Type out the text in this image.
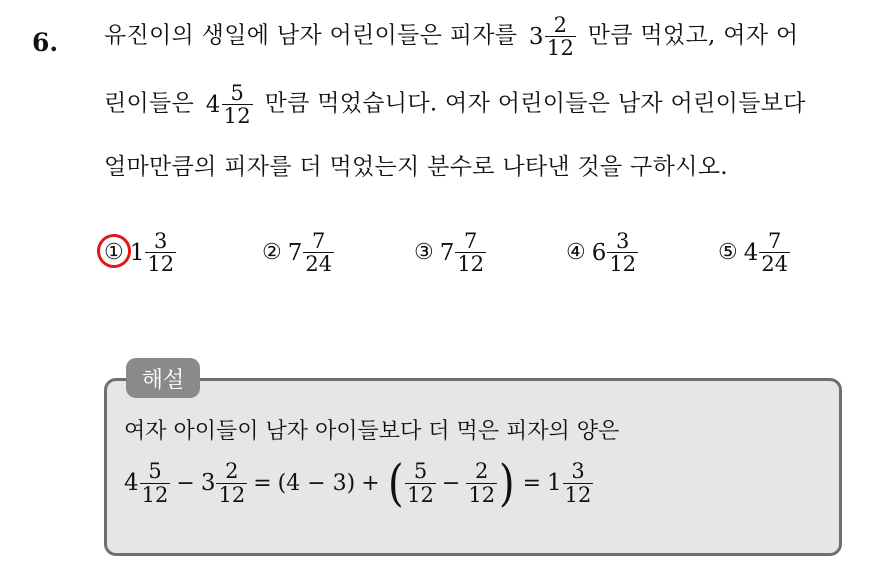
6. 유진이의 생일에 남자 어린이들은 피자를 $3 \frac{2}{12}$ 만큼 먹었고, 여자 어
린이들은 $4 \frac{5}{12}$ 만큼 먹었습니다. 여자 어린이들은 남자 어린이들보다
얼마만큼의 피자를 더 먹었는지 분수로 나타낸 것을 구하시오.
① $1 \frac{3}{12}$	② $7 \frac{7}{24}$	③ $7 \frac{7}{12}$	④ $6 \frac{3}{12}$	⑤ $4 \frac{7}{24}$
해설
여자 아이들이 남자 아이들보다 더 먹은 피자의 양은
$4 \frac{5}{12} - 3 \frac{2}{12} = (4 - 3)$ + ( $\frac{5}{12} - \frac{2}{12}$ ) = $1 \frac{3}{12}$
